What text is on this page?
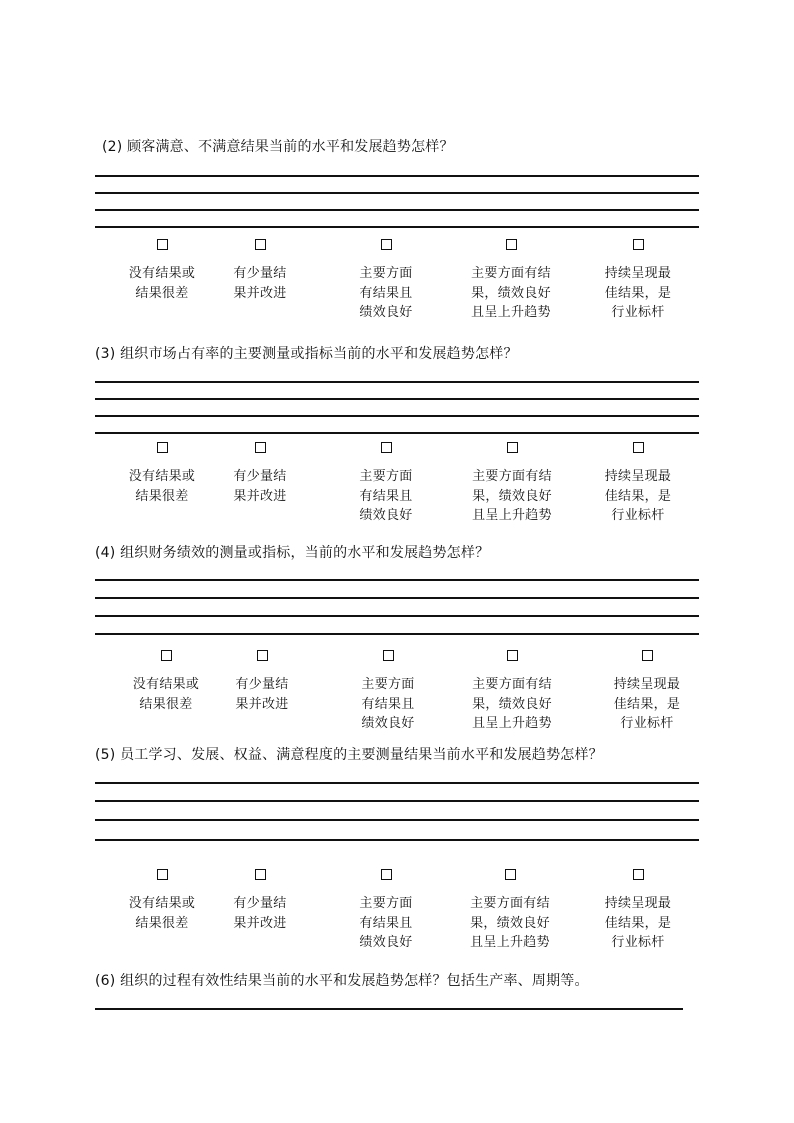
(2) 顾客满意、不满意结果当前的水平和发展趋势怎样？
没有结果或
结果很差
有少量结
果并改进
主要方面
有结果且
绩效良好
主要方面有结
果，绩效良好
且呈上升趋势
持续呈现最
佳结果，是
行业标杆
(3) 组织市场占有率的主要测量或指标当前的水平和发展趋势怎样？
没有结果或
结果很差
有少量结
果并改进
主要方面
有结果且
绩效良好
主要方面有结
果，绩效良好
且呈上升趋势
持续呈现最
佳结果，是
行业标杆
(4) 组织财务绩效的测量或指标，当前的水平和发展趋势怎样？
没有结果或
结果很差
有少量结
果并改进
主要方面
有结果且
绩效良好
主要方面有结
果，绩效良好
且呈上升趋势
持续呈现最
佳结果，是
行业标杆
(5) 员工学习、发展、权益、满意程度的主要测量结果当前水平和发展趋势怎样？
没有结果或
结果很差
有少量结
果并改进
主要方面
有结果且
绩效良好
主要方面有结
果，绩效良好
且呈上升趋势
持续呈现最
佳结果，是
行业标杆
(6) 组织的过程有效性结果当前的水平和发展趋势怎样？包括生产率、周期等。
